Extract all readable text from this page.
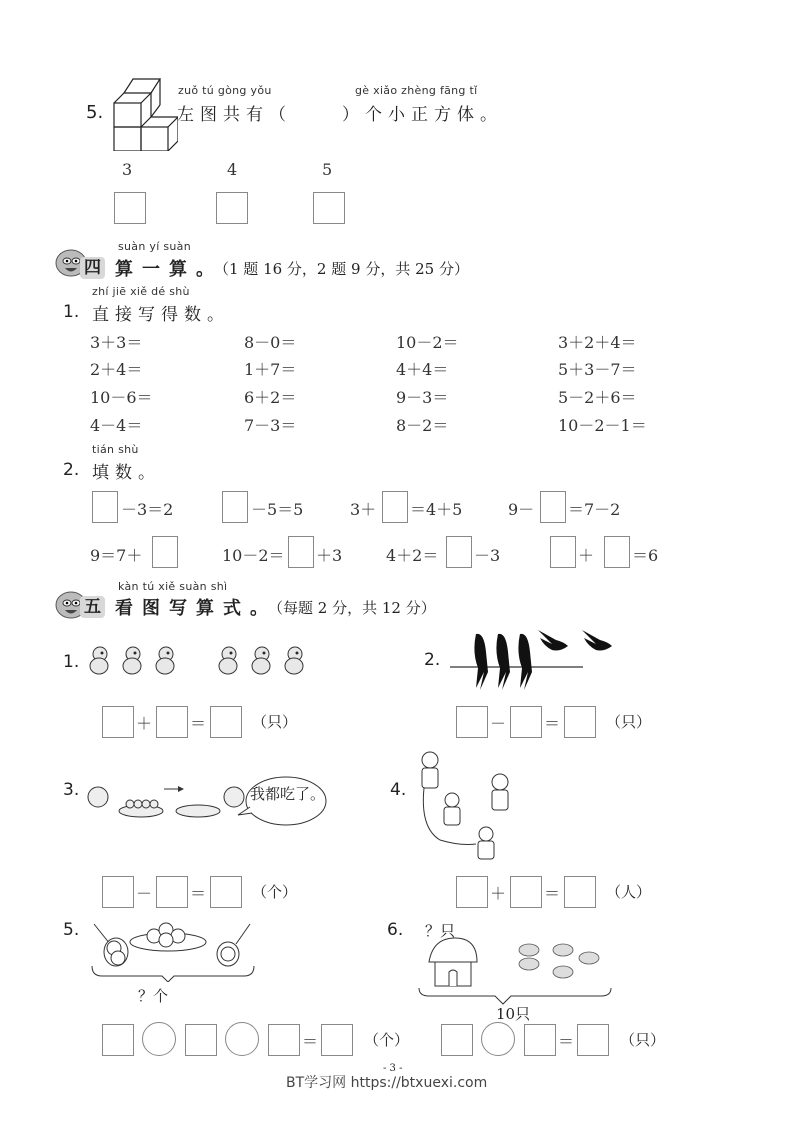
5.
zuǒ tú gòng yǒu	gè xiǎo zhèng fāng tǐ
左图共有（	）个小正方体。
3	4	5
suàn yí suàn
四 算一算 。 （1 题 16 分，2 题 9 分，共 25 分）
zhí jiē xiě dé shù
1. 直接写得数。
3＋3＝	8－0＝	10－2＝	3＋2＋4＝
2＋4＝	1＋7＝	4＋4＝	5＋3－7＝
10－6＝	6＋2＝	9－3＝	5－2＋6＝
4－4＝	7－3＝	8－2＝	10－2－1＝
tián shù
2. 填数。
－3＝2	－5＝5	3＋ ＝4＋5	9－ ＝7－2
9＝7＋	10－2＝ ＋3	4＋2＝ －3	＋ ＝6
kàn tú xiě suàn shì
五 看图写算式 。 （每题 2 分，共 12 分）
1.
＋ ＝	（只）
2.
－ ＝	（只）
3.	我都吃了。
－ ＝	（个）
4.
＋ ＝	（人）
5.
？个
＝	（个）
6. ？只
10只
＝	（只）
- 3 -
BT学习网 https://btxuexi.com
